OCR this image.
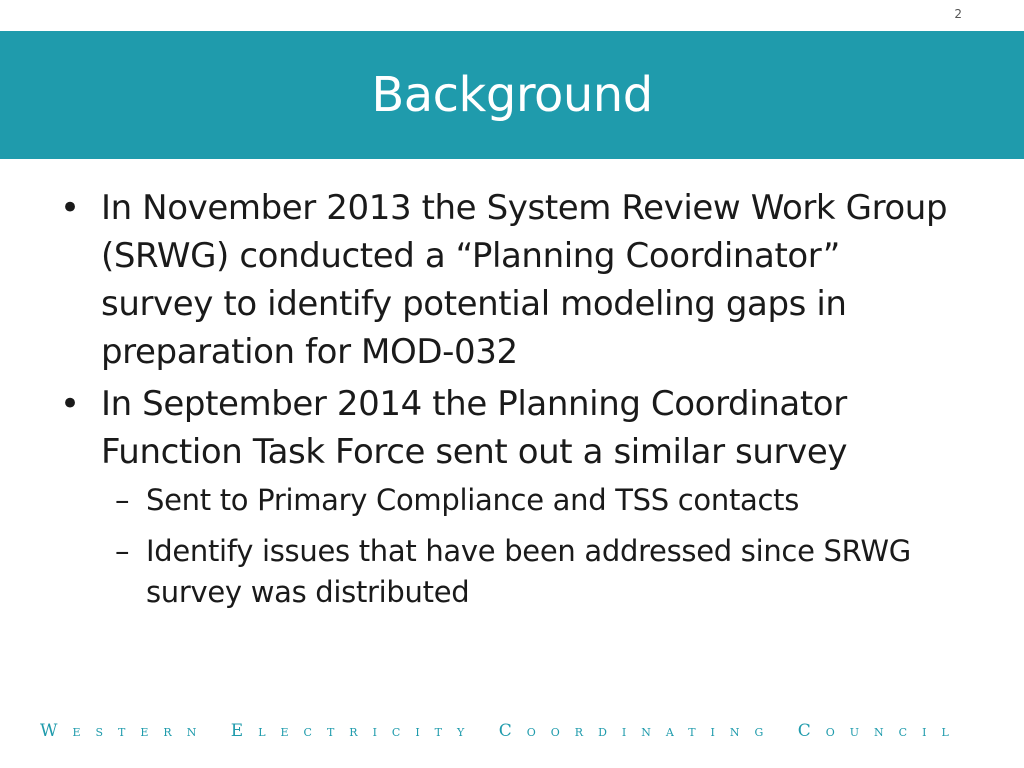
2
Background
• In November 2013 the System Review Work Group (SRWG) conducted a “Planning Coordinator” survey to identify potential modeling gaps in preparation for MOD-032
• In September 2014 the Planning Coordinator Function Task Force sent out a similar survey
– Sent to Primary Compliance and TSS contacts
– Identify issues that have been addressed since SRWG survey was distributed
WESTERN ELECTRICITY COORDINATING COUNCIL
